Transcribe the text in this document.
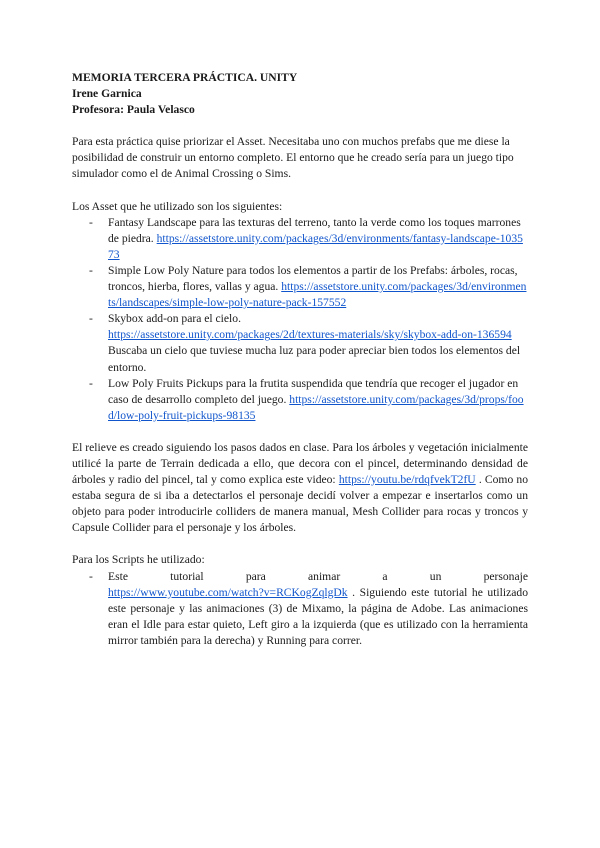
MEMORIA TERCERA PRÁCTICA. UNITY

Irene Garnica

Profesora: Paula Velasco

Para esta práctica quise priorizar el Asset. Necesitaba uno con muchos prefabs que me diese la posibilidad de construir un entorno completo. El entorno que he creado sería para un juego tipo simulador como el de Animal Crossing o Sims.

Los Asset que he utilizado son los siguientes:

- Fantasy Landscape para las texturas del terreno, tanto la verde como los toques marrones de piedra. https://assetstore.unity.com/packages/3d/environments/fantasy-landscape-103573
- Simple Low Poly Nature para todos los elementos a partir de los Prefabs: árboles, rocas, troncos, hierba, flores, vallas y agua. https://assetstore.unity.com/packages/3d/environments/landscapes/simple-low-poly-nature-pack-157552
- Skybox add-on para el cielo.
https://assetstore.unity.com/packages/2d/textures-materials/sky/skybox-add-on-136594 Buscaba un cielo que tuviese mucha luz para poder apreciar bien todos los elementos del entorno.
- Low Poly Fruits Pickups para la frutita suspendida que tendría que recoger el jugador en caso de desarrollo completo del juego. https://assetstore.unity.com/packages/3d/props/food/low-poly-fruit-pickups-98135

El relieve es creado siguiendo los pasos dados en clase. Para los árboles y vegetación inicialmente utilicé la parte de Terrain dedicada a ello, que decora con el pincel, determinando densidad de árboles y radio del pincel, tal y como explica este video: https://youtu.be/rdqfvekT2fU . Como no estaba segura de si iba a detectarlos el personaje decidí volver a empezar e insertarlos como un objeto para poder introducirle colliders de manera manual, Mesh Collider para rocas y troncos y Capsule Collider para el personaje y los árboles.

Para los Scripts he utilizado:

- Este tutorial para animar a un personaje
https://www.youtube.com/watch?v=RCKogZqlgDk . Siguiendo este tutorial he utilizado este personaje y las animaciones (3) de Mixamo, la página de Adobe. Las animaciones eran el Idle para estar quieto, Left giro a la izquierda (que es utilizado con la herramienta mirror también para la derecha) y Running para correr.
